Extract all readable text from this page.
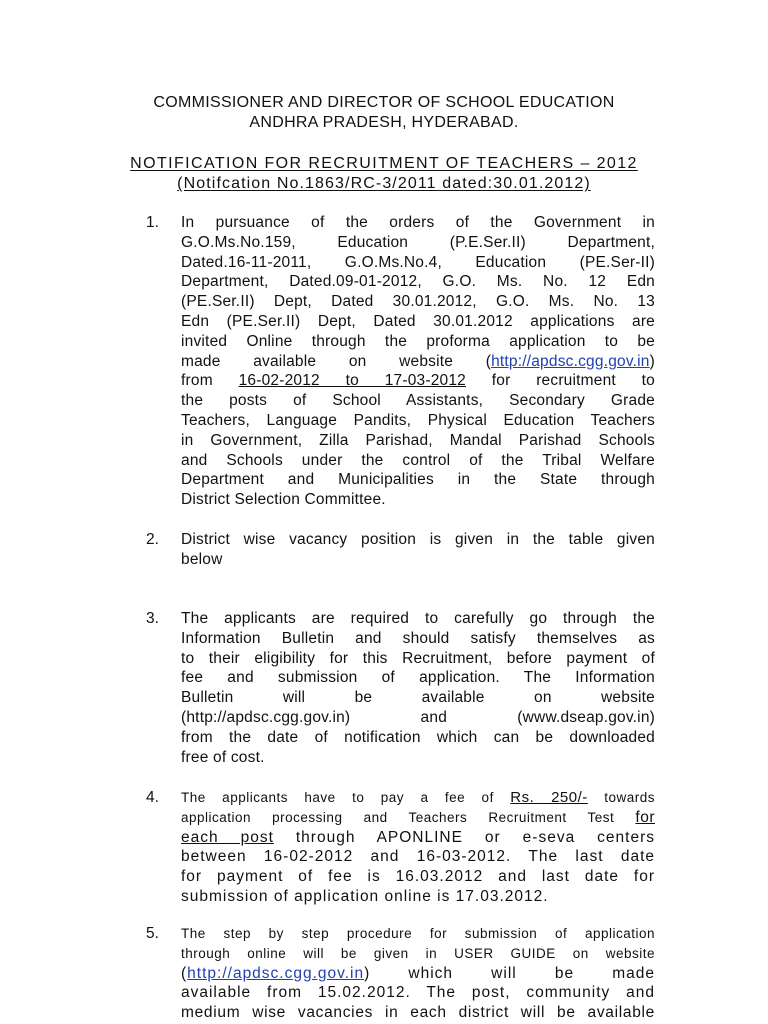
COMMISSIONER AND DIRECTOR OF SCHOOL EDUCATION
ANDHRA PRADESH, HYDERABAD.
NOTIFICATION FOR RECRUITMENT OF TEACHERS – 2012
(Notifcation No.1863/RC-3/2011 dated:30.01.2012)
1. In pursuance of the orders of the Government in
G.O.Ms.No.159, Education (P.E.Ser.II) Department,
Dated.16-11-2011, G.O.Ms.No.4, Education (PE.Ser-II)
Department, Dated.09-01-2012, G.O. Ms. No. 12 Edn
(PE.Ser.II) Dept, Dated 30.01.2012, G.O. Ms. No. 13
Edn (PE.Ser.II) Dept, Dated 30.01.2012 applications are
invited Online through the proforma application to be
made available on website (http://apdsc.cgg.gov.in)
from 16-02-2012 to 17-03-2012 for recruitment to
the posts of School Assistants, Secondary Grade
Teachers, Language Pandits, Physical Education Teachers
in Government, Zilla Parishad, Mandal Parishad Schools
and Schools under the control of the Tribal Welfare
Department and Municipalities in the State through
District Selection Committee.
2. District wise vacancy position is given in the table given
below
3. The applicants are required to carefully go through the
Information Bulletin and should satisfy themselves as
to their eligibility for this Recruitment, before payment of
fee and submission of application. The Information
Bulletin will be available on website
(http://apdsc.cgg.gov.in) and (www.dseap.gov.in)
from the date of notification which can be downloaded
free of cost.
4. The applicants have to pay a fee of Rs. 250/- towards
application processing and Teachers Recruitment Test for
each post through APONLINE or e-seva centers
between 16-02-2012 and 16-03-2012. The last date
for payment of fee is 16.03.2012 and last date for
submission of application online is 17.03.2012.
5. The step by step procedure for submission of application
through online will be given in USER GUIDE on website
(http://apdsc.cgg.gov.in) which will be made
available from 15.02.2012. The post, community and
medium wise vacancies in each district will be available
